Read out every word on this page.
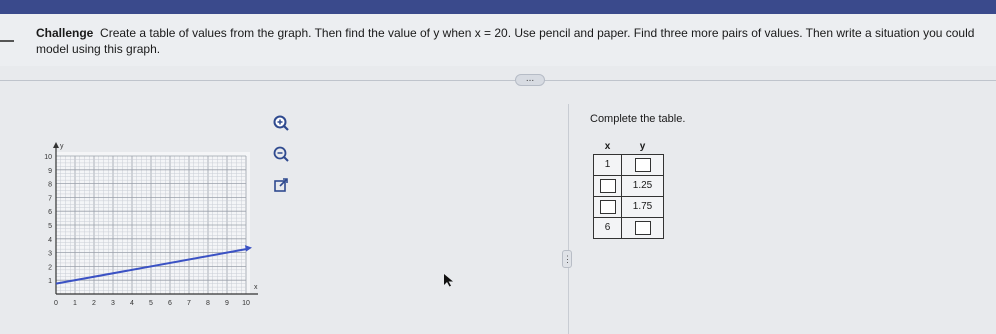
Challenge Create a table of values from the graph. Then find the value of y when x = 20. Use pencil and paper. Find three more pairs of values. Then write a situation you could model using this graph.
...
0 1 2 3 4 5 6 7 8 9 10
1
2
3
4
5
6
7
8
9
10
x
y
⋮
Complete the table.
x	y
1	
	1.25
	1.75
6	
